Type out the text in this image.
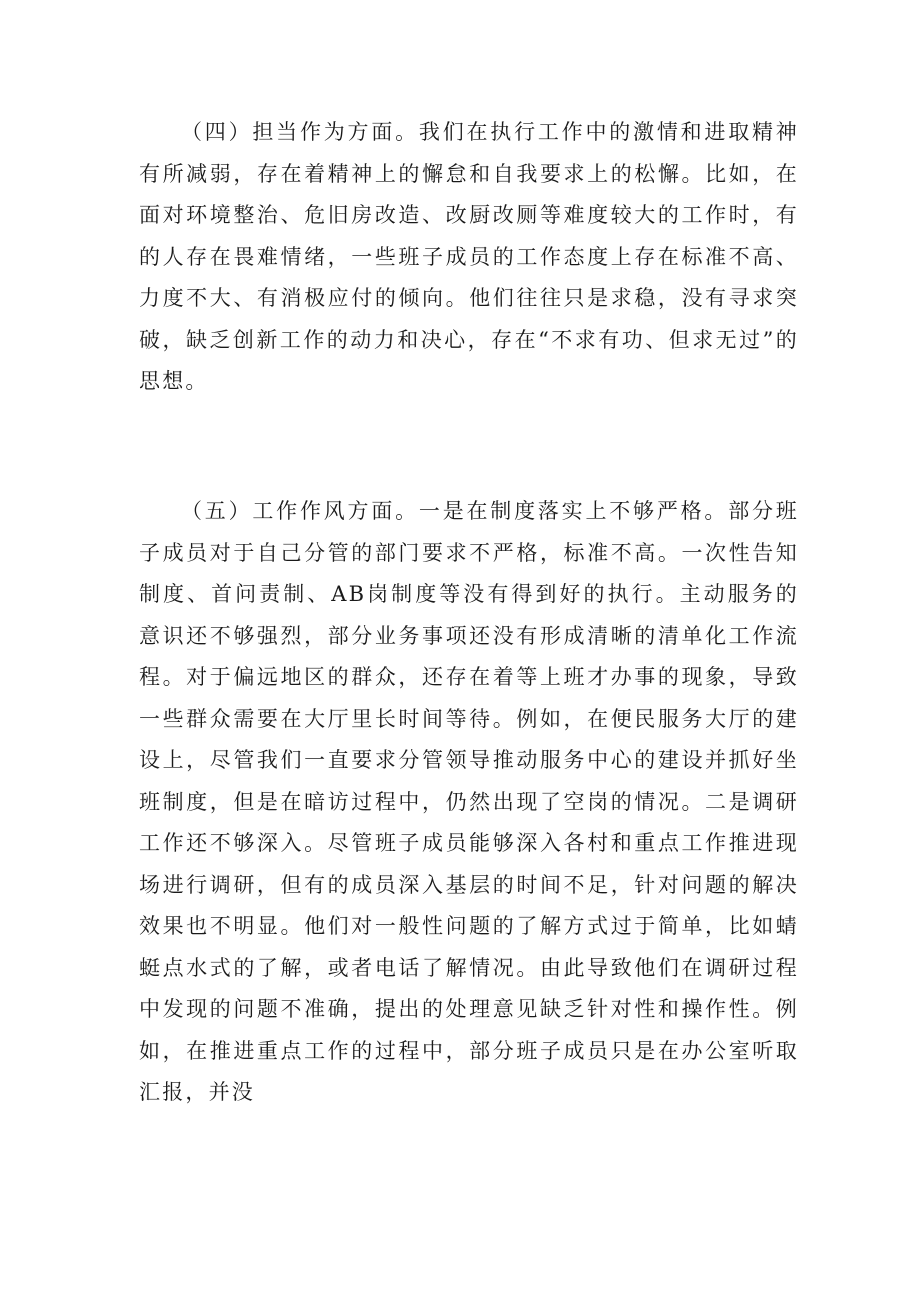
（四）担当作为方面。我们在执行工作中的激情和进取精神有所减弱，存在着精神上的懈怠和自我要求上的松懈。比如，在面对环境整治、危旧房改造、改厨改厕等难度较大的工作时，有的人存在畏难情绪，一些班子成员的工作态度上存在标准不高、力度不大、有消极应付的倾向。他们往往只是求稳，没有寻求突破，缺乏创新工作的动力和决心，存在“不求有功、但求无过”的思想。

（五）工作作风方面。一是在制度落实上不够严格。部分班子成员对于自己分管的部门要求不严格，标准不高。一次性告知制度、首问责制、AB岗制度等没有得到好的执行。主动服务的意识还不够强烈，部分业务事项还没有形成清晰的清单化工作流程。对于偏远地区的群众，还存在着等上班才办事的现象，导致一些群众需要在大厅里长时间等待。例如，在便民服务大厅的建设上，尽管我们一直要求分管领导推动服务中心的建设并抓好坐班制度，但是在暗访过程中，仍然出现了空岗的情况。二是调研工作还不够深入。尽管班子成员能够深入各村和重点工作推进现场进行调研，但有的成员深入基层的时间不足，针对问题的解决效果也不明显。他们对一般性问题的了解方式过于简单，比如蜻蜓点水式的了解，或者电话了解情况。由此导致他们在调研过程中发现的问题不准确，提出的处理意见缺乏针对性和操作性。例如，在推进重点工作的过程中，部分班子成员只是在办公室听取汇报，并没
